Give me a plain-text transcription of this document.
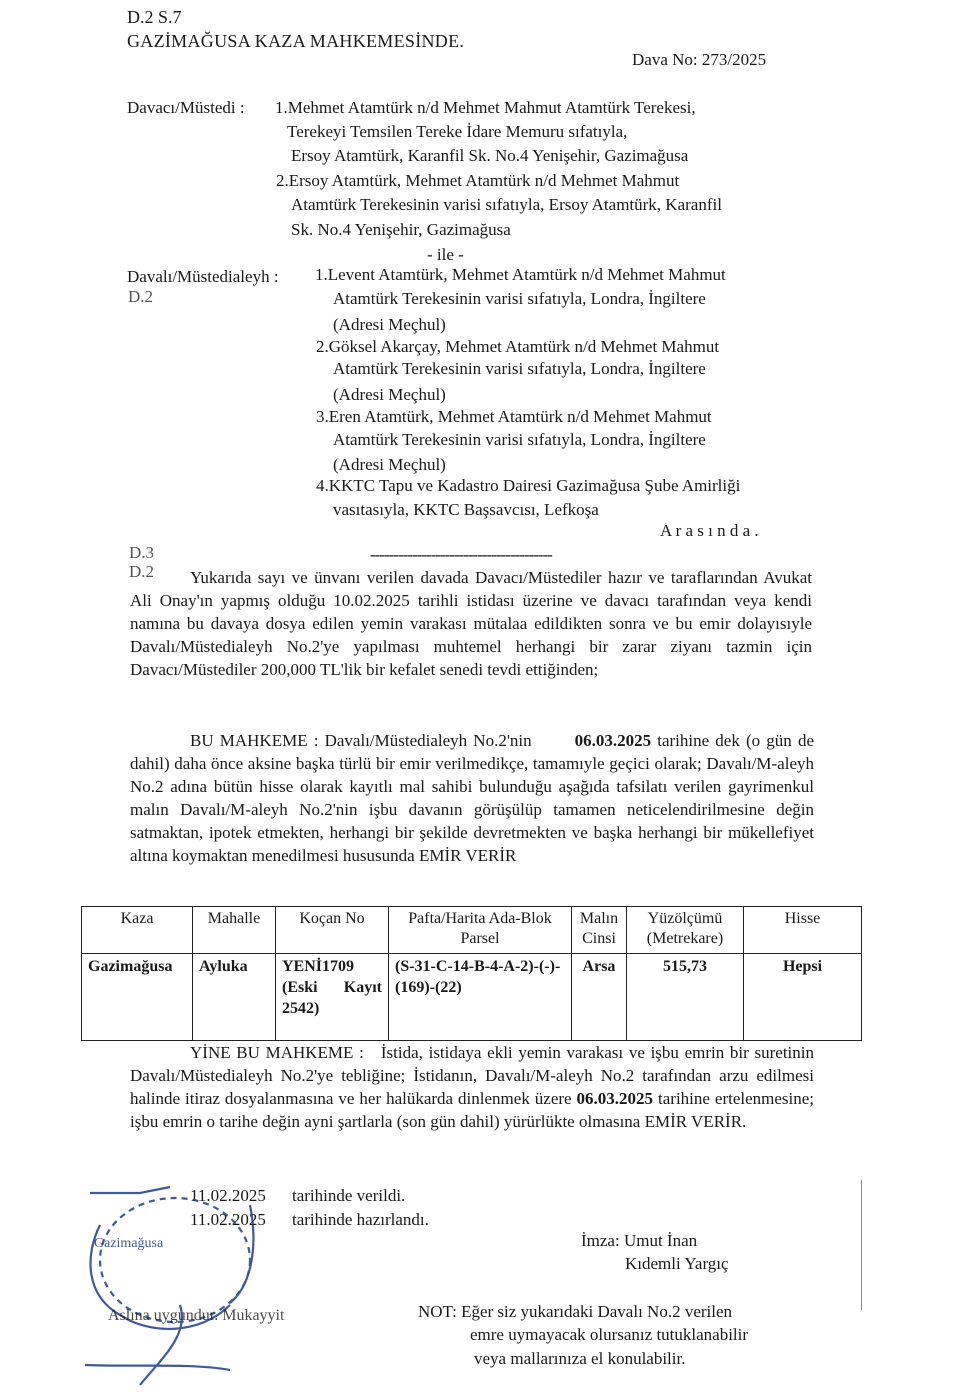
D.2 S.7
GAZİMAĞUSA KAZA MAHKEMESİNDE.
Dava No: 273/2025
Davacı/Müstedi : 1.Mehmet Atamtürk n/d Mehmet Mahmut Atamtürk Terekesi,
Terekeyi Temsilen Tereke İdare Memuru sıfatıyla,
Ersoy Atamtürk, Karanfil Sk. No.4 Yenişehir, Gazimağusa
2.Ersoy Atamtürk, Mehmet Atamtürk n/d Mehmet Mahmut
Atamtürk Terekesinin varisi sıfatıyla, Ersoy Atamtürk, Karanfil
Sk. No.4 Yenişehir, Gazimağusa
- ile -
Davalı/Müstedialeyh : 1.Levent Atamtürk, Mehmet Atamtürk n/d Mehmet Mahmut
Atamtürk Terekesinin varisi sıfatıyla, Londra, İngiltere
(Adresi Meçhul)
2.Göksel Akarçay, Mehmet Atamtürk n/d Mehmet Mahmut
Atamtürk Terekesinin varisi sıfatıyla, Londra, İngiltere
(Adresi Meçhul)
3.Eren Atamtürk, Mehmet Atamtürk n/d Mehmet Mahmut
Atamtürk Terekesinin varisi sıfatıyla, Londra, İngiltere
(Adresi Meçhul)
4.KKTC Tapu ve Kadastro Dairesi Gazimağusa Şube Amirliği
vasıtasıyla, KKTC Başsavcısı, Lefkoşa
A r a s ı n d a .
---------------------------------------
D.2
D.3
D.2	Yukarıda sayı ve ünvanı verilen davada Davacı/Müstediler hazır ve taraflarından Avukat Ali Onay'ın yapmış olduğu 10.02.2025 tarihli istidası üzerine ve davacı tarafından veya kendi namına bu davaya dosya edilen yemin varakası mütalaa edildikten sonra ve bu emir dolayısıyle Davalı/Müstedialeyh No.2'ye yapılması muhtemel herhangi bir zarar ziyanı tazmin için Davacı/Müstediler 200,000 TL'lik bir kefalet senedi tevdi ettiğinden;
BU MAHKEME : Davalı/Müstedialeyh No.2'nin	06.03.2025 tarihine dek (o gün de dahil) daha önce aksine başka türlü bir emir verilmedikçe, tamamıyle geçici olarak; Davalı/M-aleyh No.2 adına bütün hisse olarak kayıtlı mal sahibi bulunduğu aşağıda tafsilatı verilen gayrimenkul malın Davalı/M-aleyh No.2'nin işbu davanın görüşülüp tamamen neticelendirilmesine değin satmaktan, ipotek etmekten, herhangi bir şekilde devretmekten ve başka herhangi bir mükellefiyet altına koymaktan menedilmesi hususunda EMİR VERİR
Kaza	Mahalle	Koçan No	Pafta/Harita Ada-Blok Parsel	Malın Cinsi	Yüzölçümü (Metrekare)	Hisse
Gazimağusa	Ayluka	YENİ1709 (Eski Kayıt 2542)	(S-31-C-14-B-4-A-2)-(-)-(169)-(22)	Arsa	515,73	Hepsi
YİNE BU MAHKEME : İstida, istidaya ekli yemin varakası ve işbu emrin bir suretinin Davalı/Müstedialeyh No.2'ye tebliğine; İstidanın, Davalı/M-aleyh No.2 tarafından arzu edilmesi halinde itiraz dosyalanmasına ve her halükarda dinlenmek üzere 06.03.2025 tarihine ertelenmesine; işbu emrin o tarihe değin ayni şartlarla (son gün dahil) yürürlükte olmasına EMİR VERİR.
11.02.2025 tarihinde verildi.
11.02.2025 tarihinde hazırlandı.
İmza: Umut İnan
Kıdemli Yargıç
NOT: Eğer siz yukarıdaki Davalı No.2 verilen
emre uymayacak olursanız tutuklanabilir
veya mallarınıza el konulabilir.
Gazimağusa
Aslına uygundur. Mukayyit
